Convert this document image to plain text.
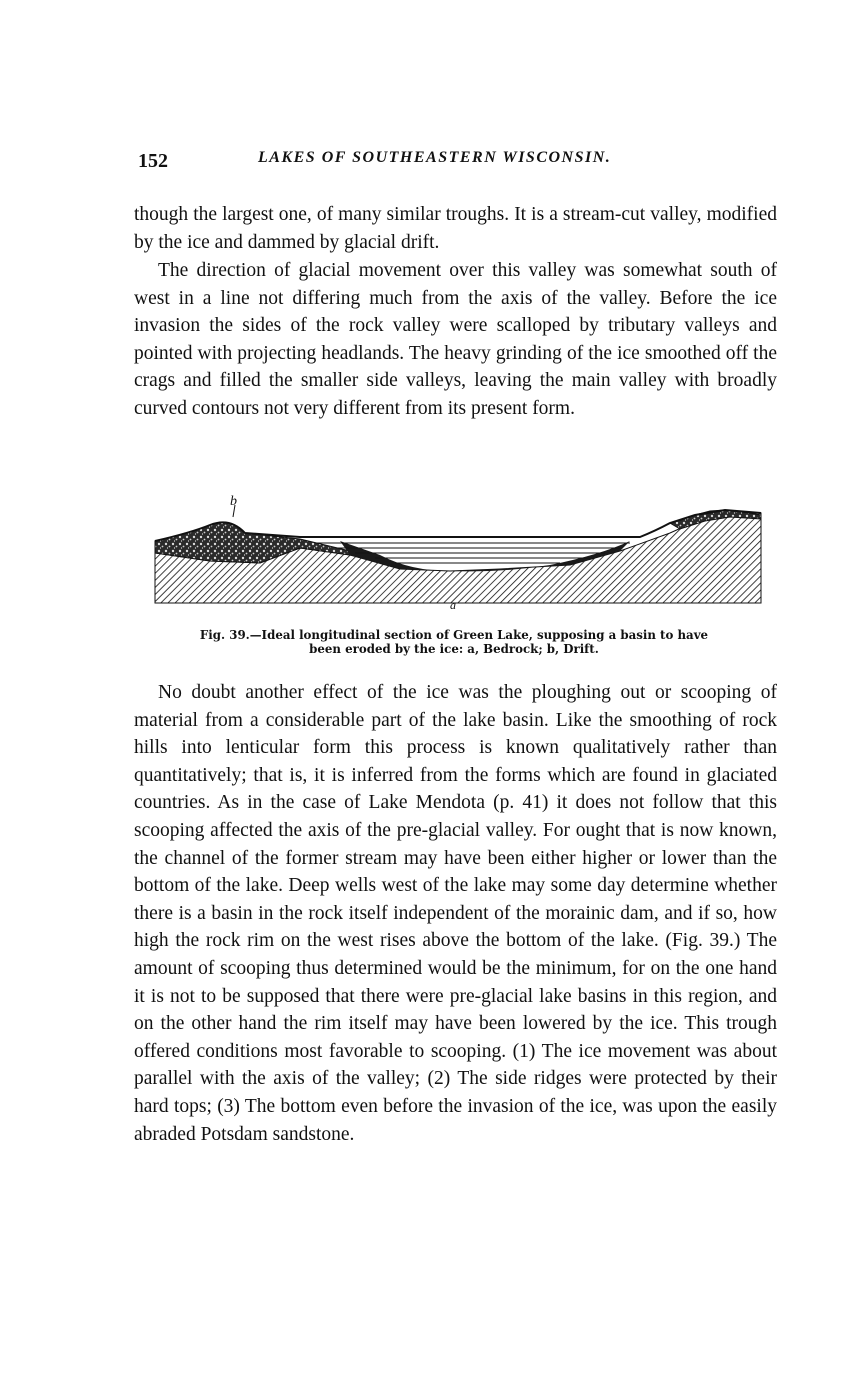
152	LAKES OF SOUTHEASTERN WISCONSIN.

though the largest one, of many similar troughs. It is a stream-cut valley, modified by the ice and dammed by glacial drift.

The direction of glacial movement over this valley was somewhat south of west in a line not differing much from the axis of the valley. Before the ice invasion the sides of the rock valley were scalloped by tributary valleys and pointed with projecting headlands. The heavy grinding of the ice smoothed off the crags and filled the smaller side valleys, leaving the main valley with broadly curved contours not very different from its present form.

b
a
Fig. 39.—Ideal longitudinal section of Green Lake, supposing a basin to have
been eroded by the ice: a, Bedrock; b, Drift.

No doubt another effect of the ice was the ploughing out or scooping of material from a considerable part of the lake basin. Like the smoothing of rock hills into lenticular form this process is known qualitatively rather than quantitatively; that is, it is inferred from the forms which are found in glaciated countries. As in the case of Lake Mendota (p. 41) it does not follow that this scooping affected the axis of the pre-glacial valley. For ought that is now known, the channel of the former stream may have been either higher or lower than the bottom of the lake. Deep wells west of the lake may some day determine whether there is a basin in the rock itself independent of the morainic dam, and if so, how high the rock rim on the west rises above the bottom of the lake. (Fig. 39.) The amount of scooping thus determined would be the minimum, for on the one hand it is not to be supposed that there were pre-glacial lake basins in this region, and on the other hand the rim itself may have been lowered by the ice. This trough offered conditions most favorable to scooping. (1) The ice movement was about parallel with the axis of the valley; (2) The side ridges were protected by their hard tops; (3) The bottom even before the invasion of the ice, was upon the easily abraded Potsdam sandstone.
